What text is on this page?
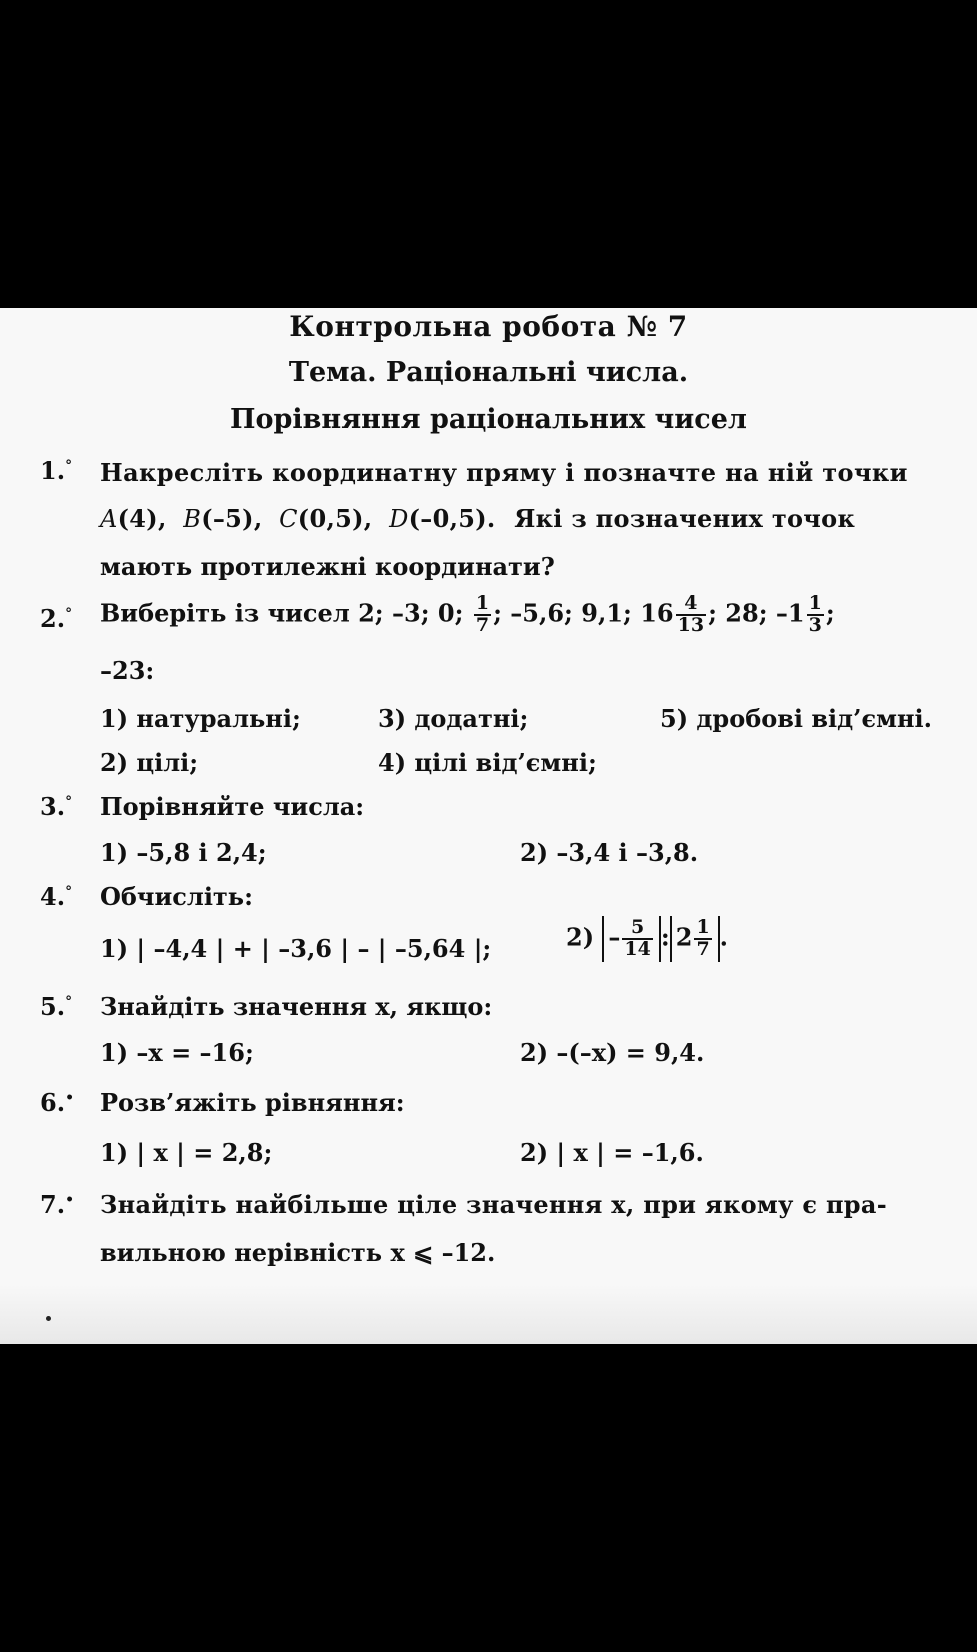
Контрольна робота № 7
Тема. Раціональні числа.
Порівняння раціональних чисел
1.° Накресліть координатну пряму і позначте на ній точки
A(4), B(–5), C(0,5), D(–0,5). Які з позначених точок
мають протилежні координати?
2.° Виберіть із чисел 2; –3; 0; $\frac{1}{7}$ ; –5,6; 9,1; $16 \frac{4}{13}$ ; 28; $-1 \frac{1}{3}$ ;
–23:
1) натуральні;	3) додатні;	5) дробові від’ємні.
2) цілі;	4) цілі від’ємні;
3.° Порівняйте числа:
1) –5,8 і 2,4;	2) –3,4 і –3,8.
4.° Обчисліть:
1) | –4,4 | + | –3,6 | – | –5,64 |;	$2) - \frac{5}{14}$ : $2 \frac{1}{7}$ .
5.° Знайдіть значення x, якщо:
1) –x = –16;	2) –(–x) = 9,4.
6.• Розв’яжіть рівняння:
1) | x | = 2,8;	2) | x | = –1,6.
7.• Знайдіть найбільше ціле значення x, при якому є пра-
вильною нерівність x ⩽ –12.
